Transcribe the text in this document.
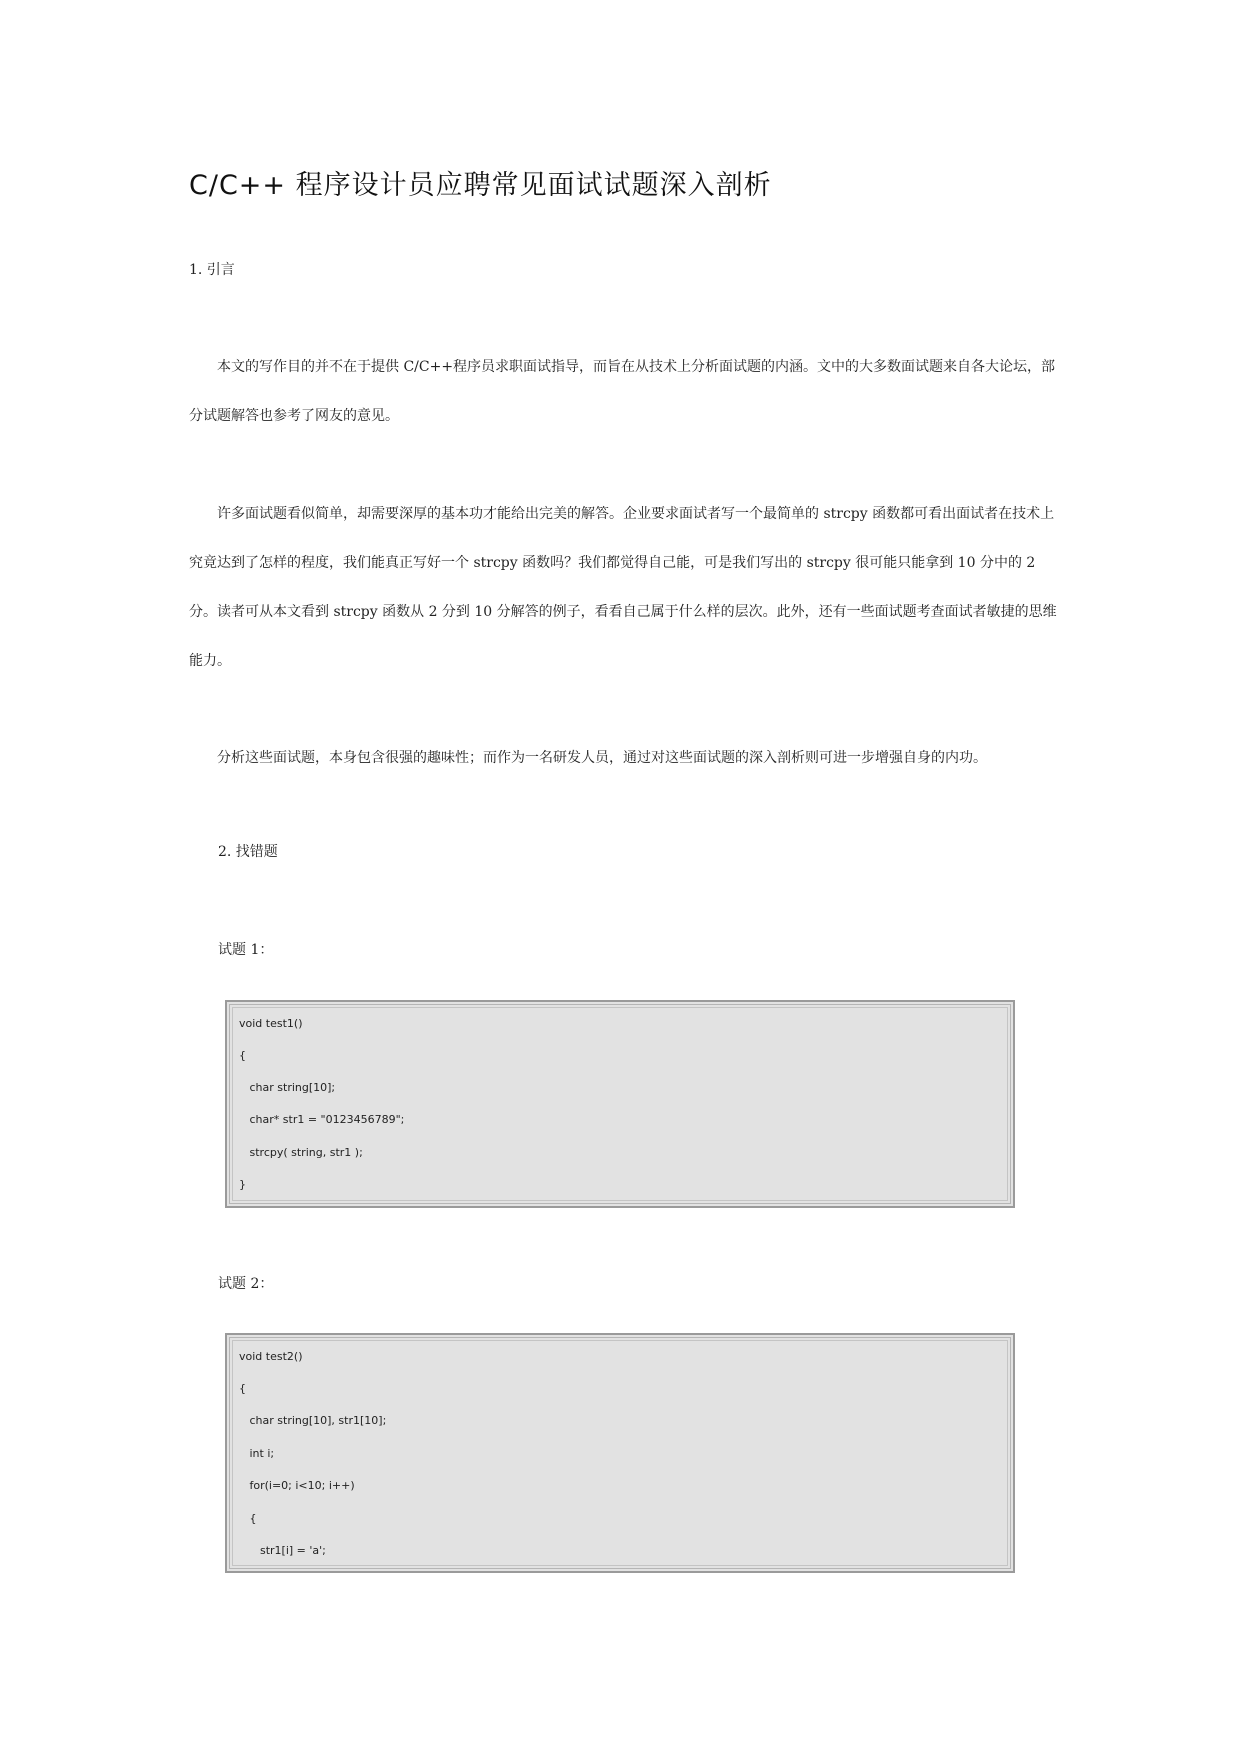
C/C++ 程序设计员应聘常见面试试题深入剖析

1. 引言

本文的写作目的并不在于提供 C/C++程序员求职面试指导，而旨在从技术上分析面试题的内涵。文中的大多数面试题来自各大论坛，部分试题解答也参考了网友的意见。

许多面试题看似简单，却需要深厚的基本功才能给出完美的解答。企业要求面试者写一个最简单的 strcpy 函数都可看出面试者在技术上究竟达到了怎样的程度，我们能真正写好一个 strcpy 函数吗？我们都觉得自己能，可是我们写出的 strcpy 很可能只能拿到 10 分中的 2 分。读者可从本文看到 strcpy 函数从 2 分到 10 分解答的例子，看看自己属于什么样的层次。此外，还有一些面试题考查面试者敏捷的思维能力。

分析这些面试题，本身包含很强的趣味性；而作为一名研发人员，通过对这些面试题的深入剖析则可进一步增强自身的内功。

2. 找错题

试题 1：

void test1()
{
char string[10];
char* str1 = "0123456789";
strcpy( string, str1 );
}

试题 2：

void test2()
{
char string[10], str1[10];
int i;
for(i=0; i<10; i++)
{
str1[i] = 'a';
